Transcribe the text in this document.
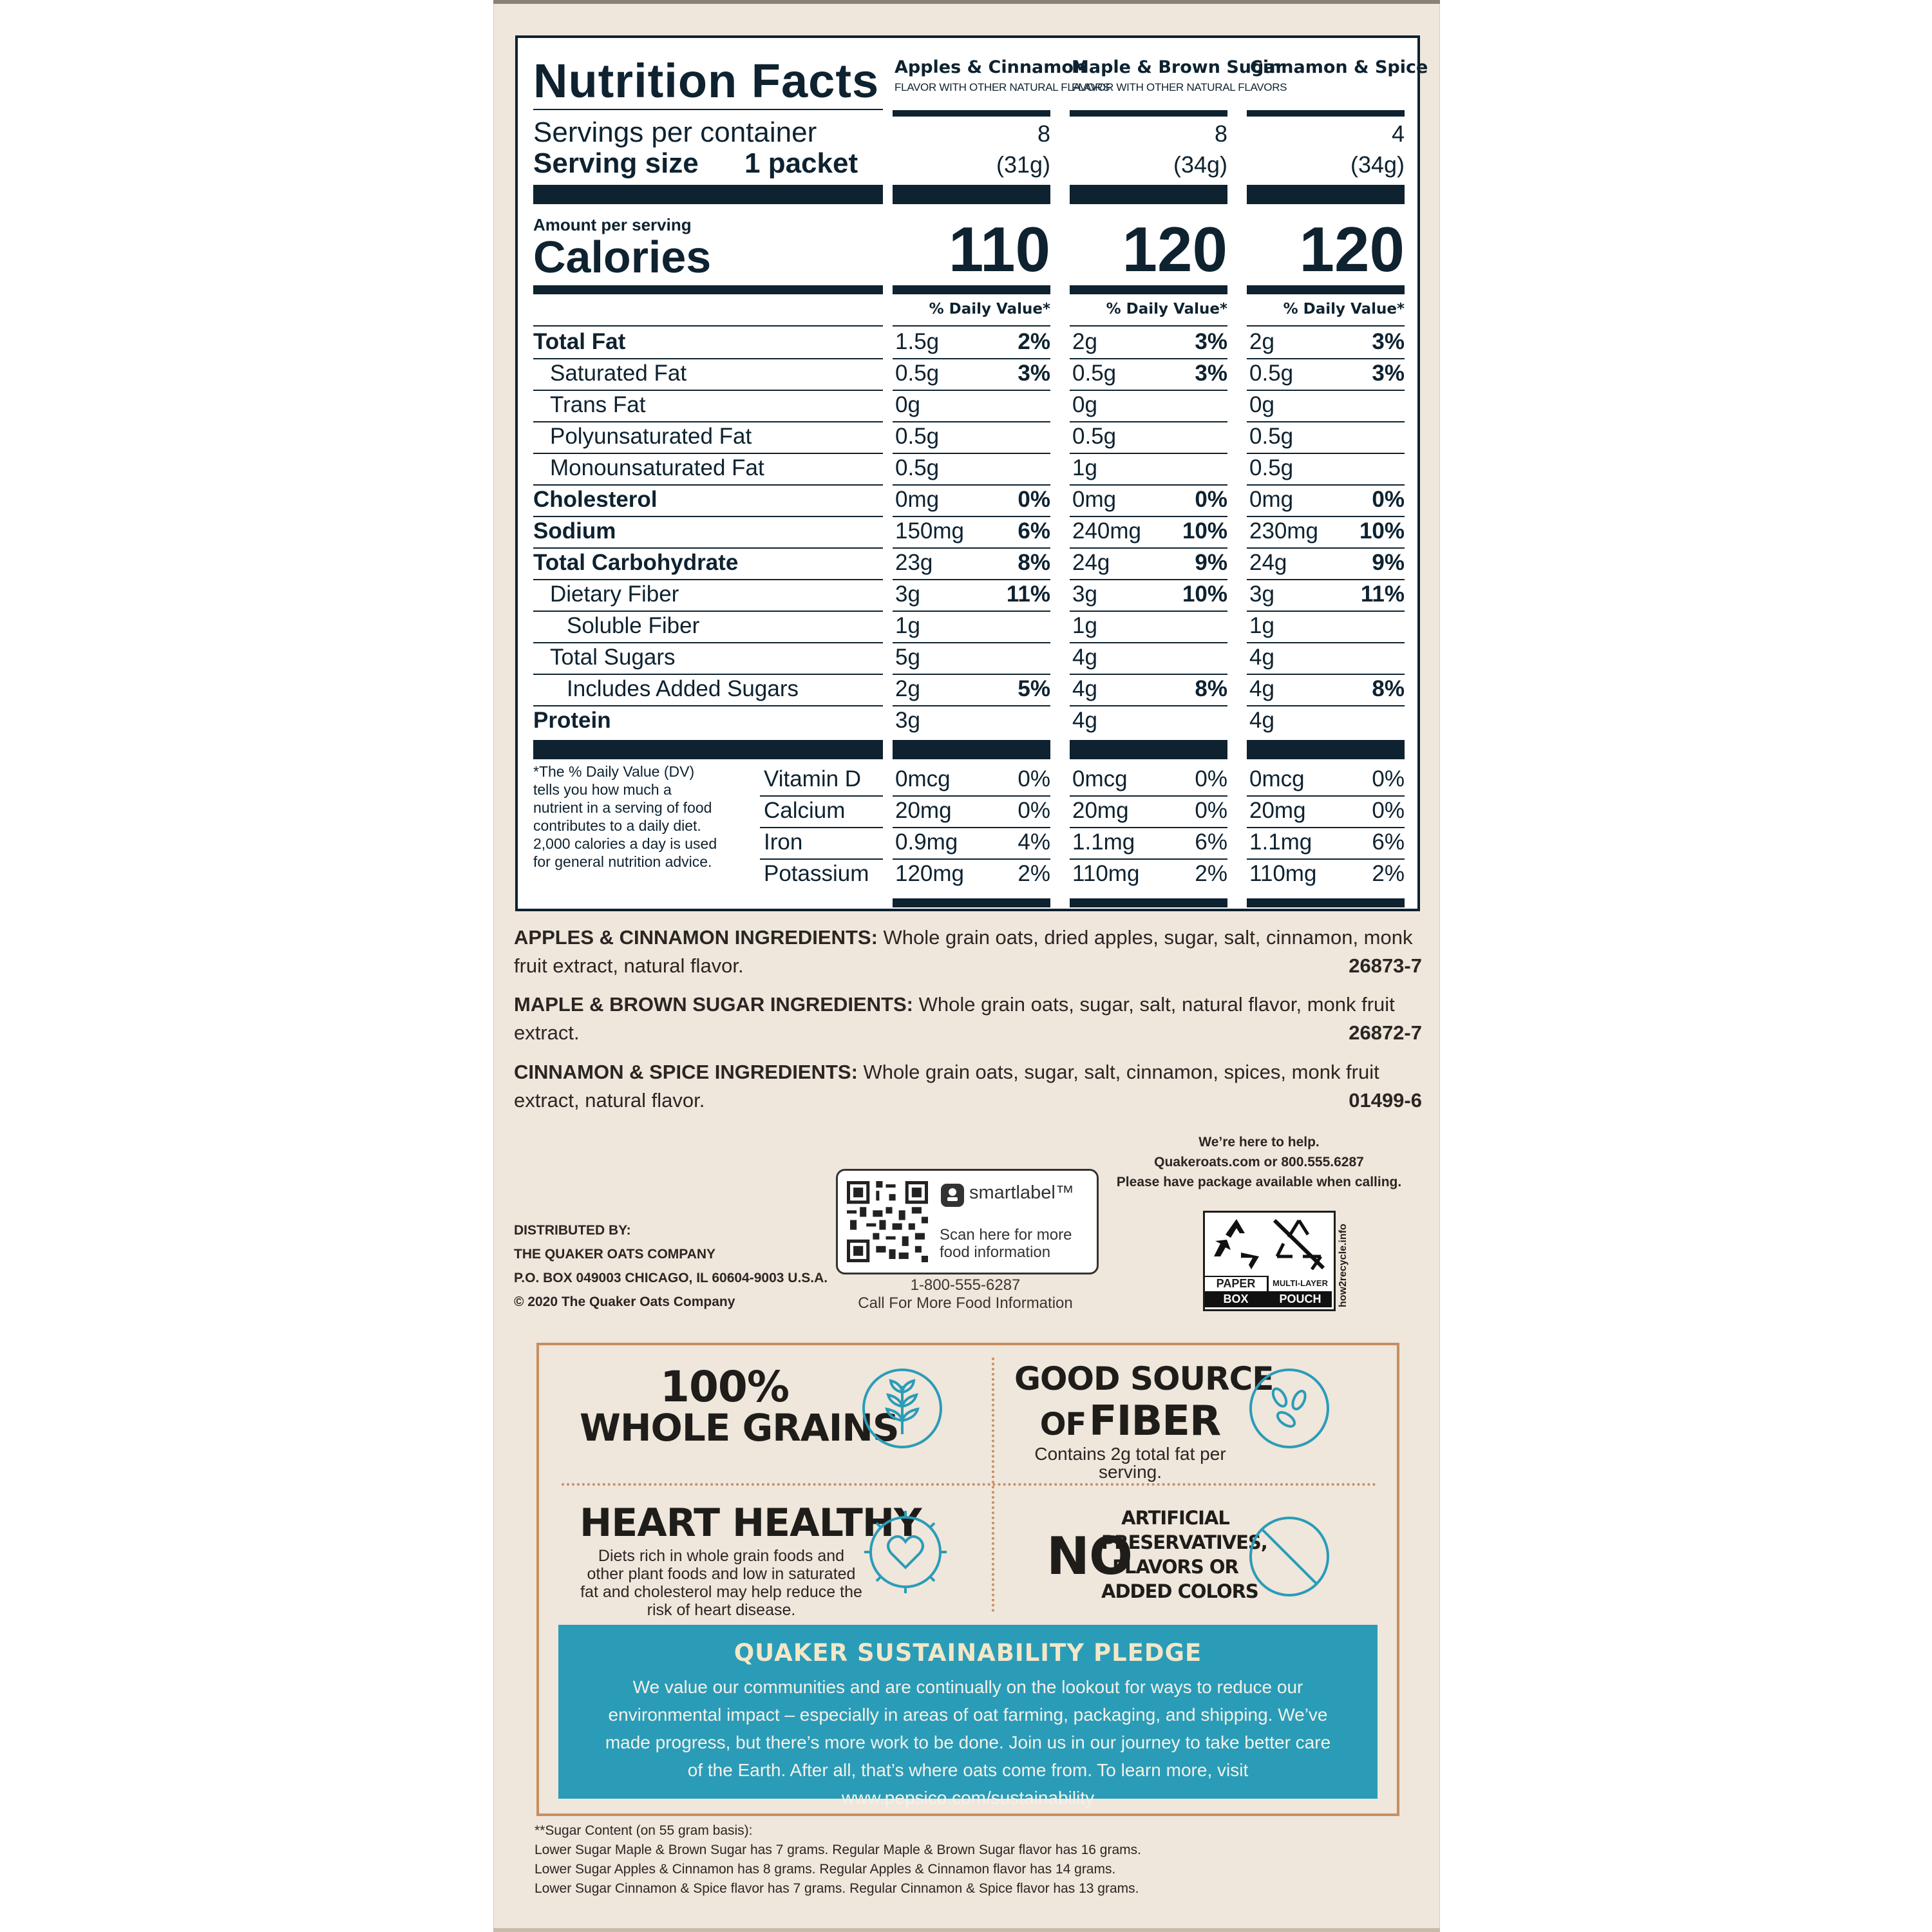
Nutrition Facts Apples & Cinnamon
FLAVOR WITH OTHER NATURAL FLAVORS
Maple & Brown Sugar
FLAVOR WITH OTHER NATURAL FLAVORS
Cinnamon & Spice
Servings per container
Serving size 1 packet
8	8	4
(31g)	(34g)	(34g)
Amount per serving
Calories	110	120	120
% Daily Value*	% Daily Value*	% Daily Value*
Total Fat	1.5g	2% 2g	3% 2g	3%
Saturated Fat	0.5g	3% 0.5g	3% 0.5g	3%
Trans Fat	0g	0g	0g
Polyunsaturated Fat	0.5g	0.5g	0.5g
Monounsaturated Fat	0.5g	1g	0.5g
Cholesterol	0mg	0% 0mg	0% 0mg	0%
Sodium	150mg	6% 240mg	10% 230mg	10%
Total Carbohydrate	23g	8% 24g	9% 24g	9%
Dietary Fiber	3g	11% 3g	10% 3g	11%
Soluble Fiber	1g	1g	1g
Total Sugars	5g	4g	4g
Includes Added Sugars	2g	5% 4g	8% 4g	8%
Protein	3g	4g	4g
Vitamin D 0mcg	0% 0mcg	0% 0mcg	0%
Calcium 20mg	0% 20mg	0% 20mg	0%
Iron	0.9mg	4% 1.1mg	6% 1.1mg	6%
Potassium 120mg	2% 110mg	2% 110mg	2%
*The % Daily Value (DV) tells you how much a nutrient in a serving of food contributes to a daily diet. 2,000 calories a day is used for general nutrition advice.
APPLES & CINNAMON INGREDIENTS: Whole grain oats, dried apples, sugar, salt, cinnamon, monk fruit extract, natural flavor.	26873-7
MAPLE & BROWN SUGAR INGREDIENTS: Whole grain oats, sugar, salt, natural flavor, monk fruit extract.	26872-7
CINNAMON & SPICE INGREDIENTS: Whole grain oats, sugar, salt, cinnamon, spices, monk fruit extract, natural flavor.	01499-6
We’re here to help.
Quakeroats.com or 800.555.6287
Please have package available when calling.
DISTRIBUTED BY:
THE QUAKER OATS COMPANY
P.O. BOX 049003 CHICAGO, IL 60604-9003 U.S.A.
© 2020 The Quaker Oats Company
smartlabel™
Scan here for more
food information
1-800-555-6287
Call For More Food Information
PAPER
BOX
MULTI-LAYER
POUCH	how2recycle.info
100%
WHOLE GRAINS
GOOD SOURCE
OF FIBER
Contains 2g total fat per serving.
HEART HEALTHY
Diets rich in whole grain foods and other plant foods and low in saturated fat and cholesterol may help reduce the risk of heart disease.
NO
ARTIFICIAL
PRESERVATIVES,
FLAVORS OR
ADDED COLORS
QUAKER SUSTAINABILITY PLEDGE
We value our communities and are continually on the lookout for ways to reduce our environmental impact – especially in areas of oat farming, packaging, and shipping. We’ve made progress, but there’s more work to be done. Join us in our journey to take better care of the Earth. After all, that’s where oats come from. To learn more, visit www.pepsico.com/sustainability
**Sugar Content (on 55 gram basis):
Lower Sugar Maple & Brown Sugar has 7 grams. Regular Maple & Brown Sugar flavor has 16 grams.
Lower Sugar Apples & Cinnamon has 8 grams. Regular Apples & Cinnamon flavor has 14 grams.
Lower Sugar Cinnamon & Spice flavor has 7 grams. Regular Cinnamon & Spice flavor has 13 grams.
